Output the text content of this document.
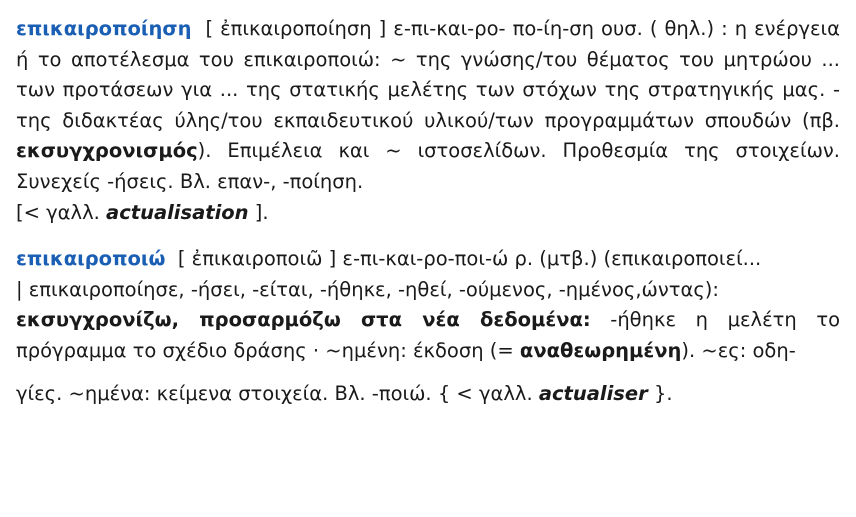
επικαιροποίηση [ ἐπικαιροποίηση ] ε-πι-και-ρο- πο-ίη-ση ουσ. ( θηλ.) : η ενέργεια ή το αποτέλεσμα του επικαιροποιώ: ~ της γνώσης/του θέματος του μητρώου ... των προτάσεων για ... της στατικής μελέτης των στόχων της στρατηγικής μας. - της διδακτέας ύλης/του εκπαιδευτικού υλικού/των προγραμμάτων σπουδών (πβ. εκσυγχρονισμός). Επιμέλεια και ~ ιστοσελίδων. Προθεσμία της στοιχείων. Συνεχείς -ήσεις. Βλ. επαν-, -ποίηση.
[< γαλλ. actualisation ].
επικαιροποιώ [ ἐπικαιροποιῶ ] ε-πι-και-ρο-ποι-ώ ρ. (μτβ.) (επικαιροποιεί...
| επικαιροποίησε, -ήσει, -είται, -ήθηκε, -ηθεί, -ούμενος, -ημένος,ώντας):
εκσυγχρονίζω, προσαρμόζω στα νέα δεδομένα: -ήθηκε η μελέτη το πρόγραμμα το σχέδιο δράσης · ~ημένη: έκδοση (= αναθεωρημένη). ~ες: οδη-
γίες. ~ημένα: κείμενα στοιχεία. Βλ. -ποιώ. { < γαλλ. actualiser }.
